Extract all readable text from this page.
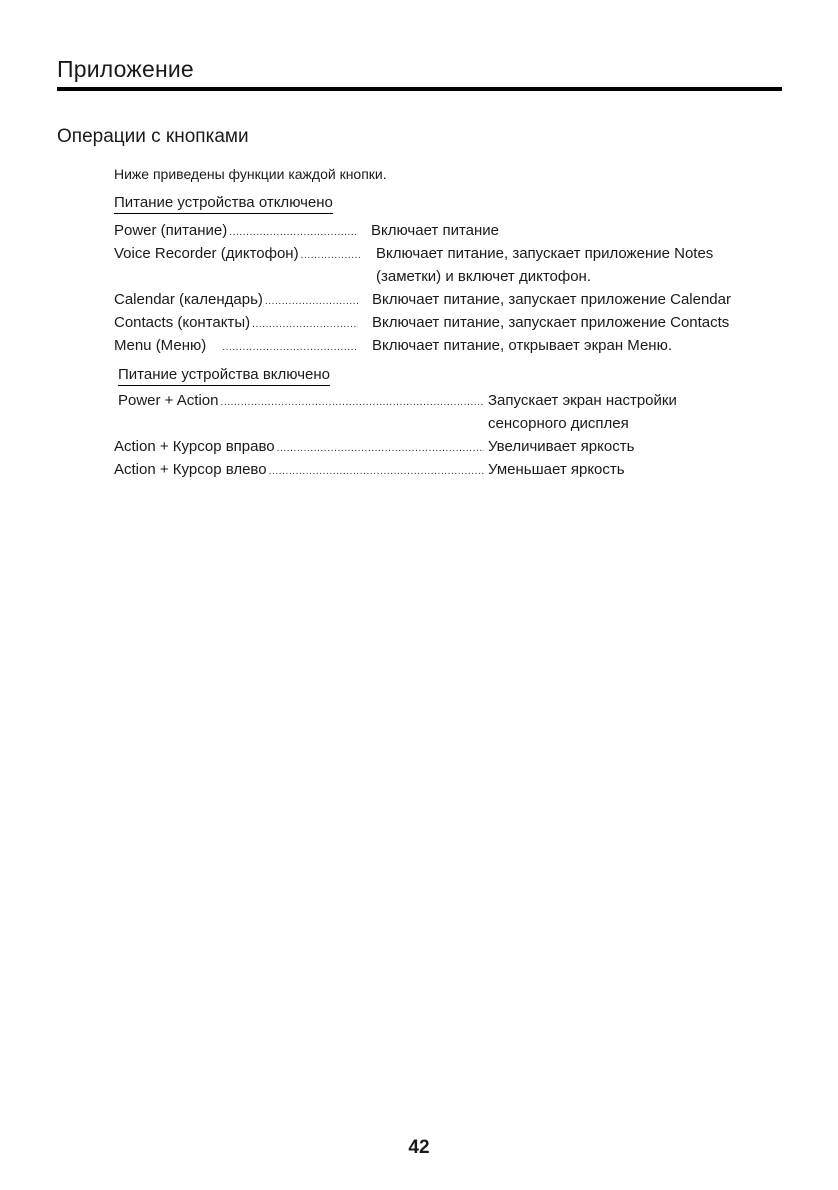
Приложение
Операции с кнопками
Ниже приведены функции каждой кнопки.
Питание устройства отключено
Power (питание) .....	Включает питание
Voice Recorder (диктофон) .....	Включает питание, запускает приложение Notes
(заметки) и включет диктофон.
Calendar (календарь) .....	Включает питание, запускает приложение Calendar
Contacts (контакты) .....	Включает питание, запускает приложение Contacts
Menu (Меню) .....	Включает питание, открывает экран Меню.
Питание устройства включено
Power + Action .....	Запускает экран настройки
сенсорного дисплея
Action + Курсор вправо .....	Увеличивает яркость
Action + Курсор влево .....	Уменьшает яркость
42
